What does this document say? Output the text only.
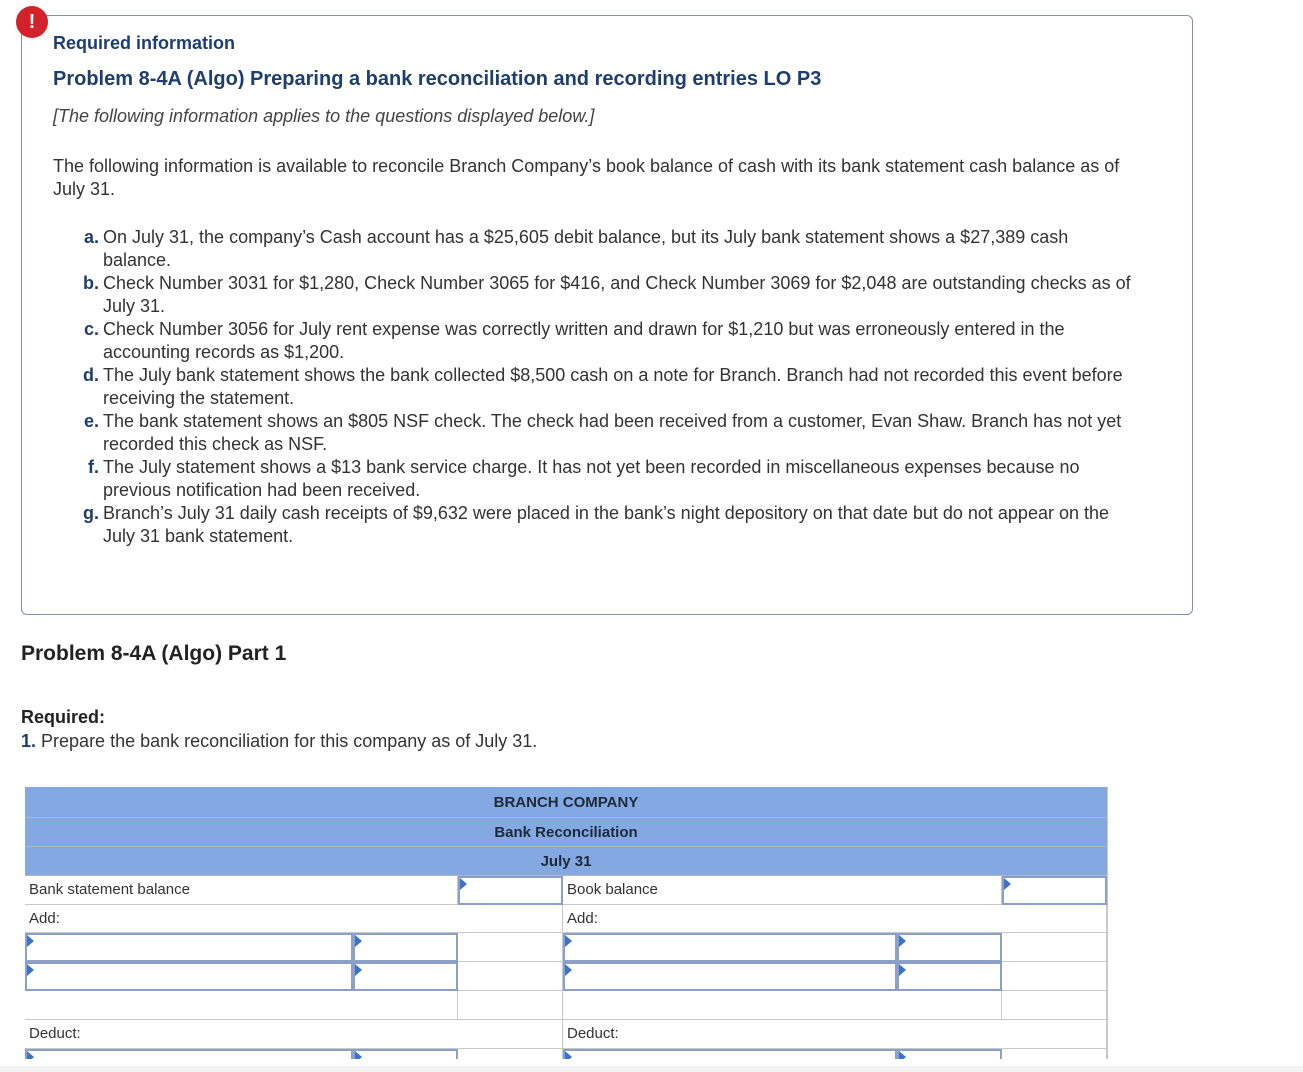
!

Required information

Problem 8-4A (Algo) Preparing a bank reconciliation and recording entries LO P3

[The following information applies to the questions displayed below.]

The following information is available to reconcile Branch Company’s book balance of cash with its bank statement cash balance as of July 31.

a. On July 31, the company’s Cash account has a $25,605 debit balance, but its July bank statement shows a $27,389 cash balance.
b. Check Number 3031 for $1,280, Check Number 3065 for $416, and Check Number 3069 for $2,048 are outstanding checks as of July 31.
c. Check Number 3056 for July rent expense was correctly written and drawn for $1,210 but was erroneously entered in the accounting records as $1,200.
d. The July bank statement shows the bank collected $8,500 cash on a note for Branch. Branch had not recorded this event before receiving the statement.
e. The bank statement shows an $805 NSF check. The check had been received from a customer, Evan Shaw. Branch has not yet recorded this check as NSF.
f. The July statement shows a $13 bank service charge. It has not yet been recorded in miscellaneous expenses because no previous notification had been received.
g. Branch’s July 31 daily cash receipts of $9,632 were placed in the bank’s night depository on that date but do not appear on the July 31 bank statement.

Problem 8-4A (Algo) Part 1

Required:

1. Prepare the bank reconciliation for this company as of July 31.

BRANCH COMPANY
Bank Reconciliation
July 31
Bank statement balance	Book balance
Add:	Add:
Deduct:	Deduct:
